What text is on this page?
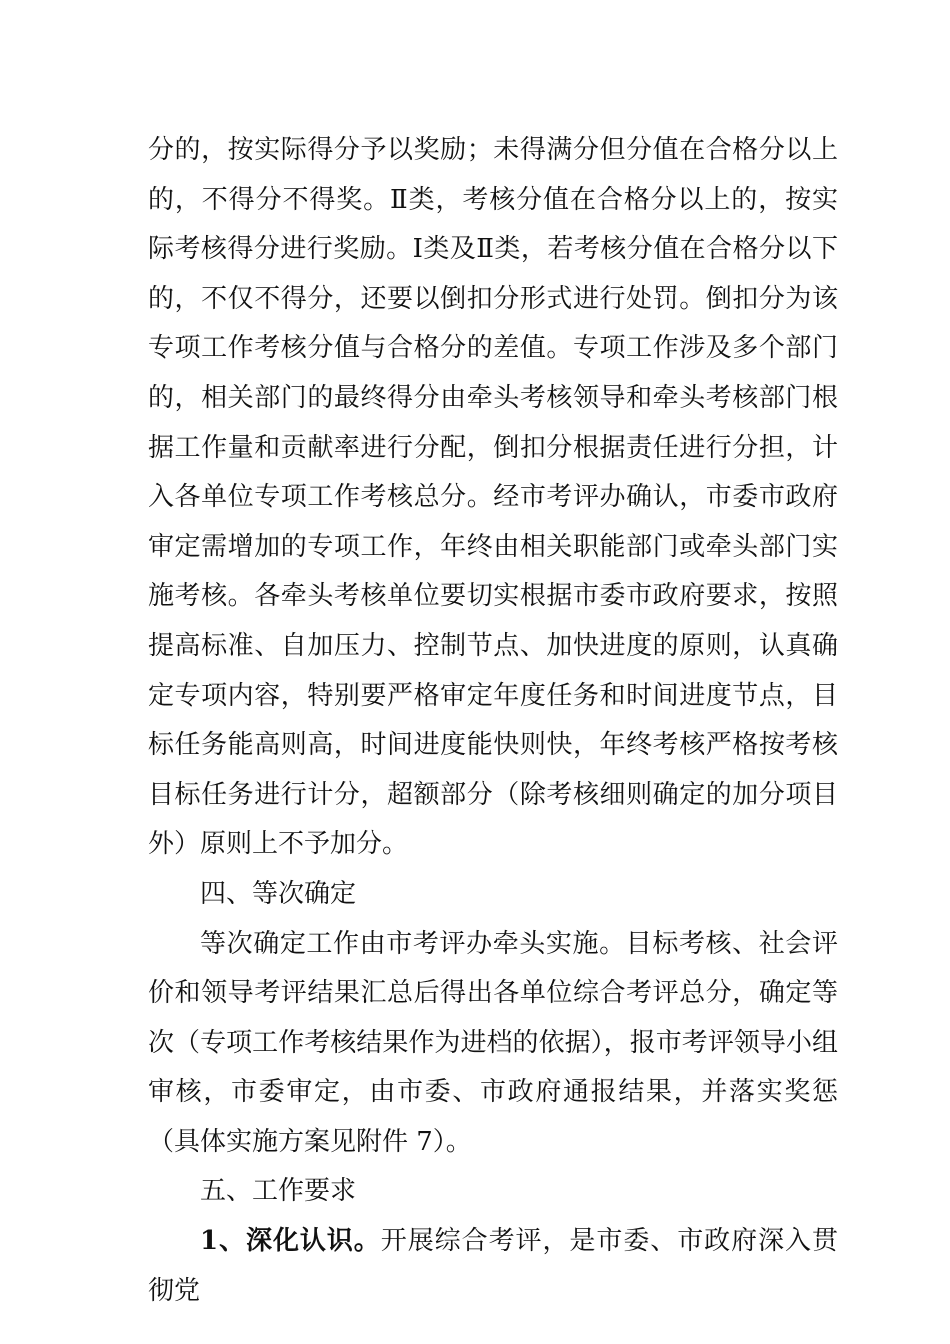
分的，按实际得分予以奖励；未得满分但分值在合格分以上的，不得分不得奖。Ⅱ类，考核分值在合格分以上的，按实际考核得分进行奖励。Ⅰ类及Ⅱ类，若考核分值在合格分以下的，不仅不得分，还要以倒扣分形式进行处罚。倒扣分为该专项工作考核分值与合格分的差值。专项工作涉及多个部门的，相关部门的最终得分由牵头考核领导和牵头考核部门根据工作量和贡献率进行分配，倒扣分根据责任进行分担，计入各单位专项工作考核总分。经市考评办确认，市委市政府审定需增加的专项工作，年终由相关职能部门或牵头部门实施考核。各牵头考核单位要切实根据市委市政府要求，按照提高标准、自加压力、控制节点、加快进度的原则，认真确定专项内容，特别要严格审定年度任务和时间进度节点，目标任务能高则高，时间进度能快则快，年终考核严格按考核目标任务进行计分，超额部分（除考核细则确定的加分项目外）原则上不予加分。

四、等次确定

等次确定工作由市考评办牵头实施。目标考核、社会评价和领导考评结果汇总后得出各单位综合考评总分，确定等次（专项工作考核结果作为进档的依据），报市考评领导小组审核，市委审定，由市委、市政府通报结果，并落实奖惩（具体实施方案见附件 7）。

五、工作要求

1、深化认识。开展综合考评，是市委、市政府深入贯彻党
